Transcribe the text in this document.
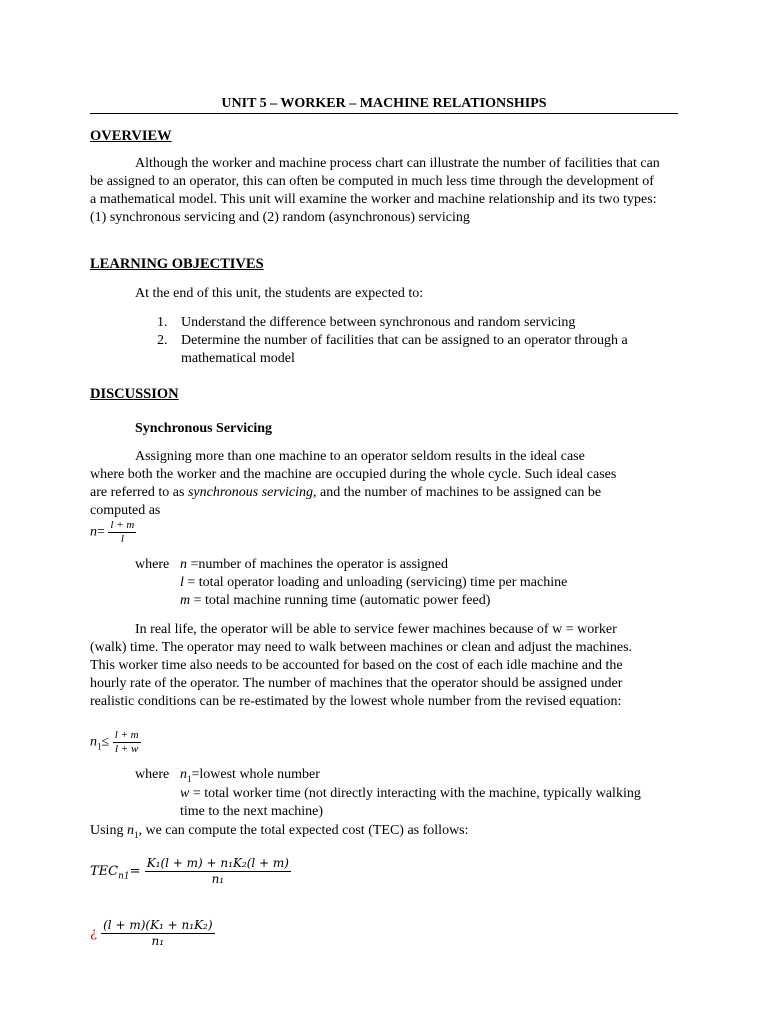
UNIT 5 – WORKER – MACHINE RELATIONSHIPS
OVERVIEW
Although the worker and machine process chart can illustrate the number of facilities that can
be assigned to an operator, this can often be computed in much less time through the development of
a mathematical model. This unit will examine the worker and machine relationship and its two types:
(1) synchronous servicing and (2) random (asynchronous) servicing
LEARNING OBJECTIVES
At the end of this unit, the students are expected to:
1. Understand the difference between synchronous and random servicing
2. Determine the number of facilities that can be assigned to an operator through a
mathematical model
DISCUSSION
Synchronous Servicing
Assigning more than one machine to an operator seldom results in the ideal case
where both the worker and the machine are occupied during the whole cycle. Such ideal cases
are referred to as synchronous servicing, and the number of machines to be assigned can be
computed as
$n= \frac{l + m}{l}$
where n =number of machines the operator is assigned
l = total operator loading and unloading (servicing) time per machine
m = total machine running time (automatic power feed)
In real life, the operator will be able to service fewer machines because of w = worker
(walk) time. The operator may need to walk between machines or clean and adjust the machines.
This worker time also needs to be accounted for based on the cost of each idle machine and the
hourly rate of the operator. The number of machines that the operator should be assigned under
realistic conditions can be re-estimated by the lowest whole number from the revised equation:
$n_1\le \frac{l + m}{l + w}$
where $n_1=lowest$ whole number
w = total worker time (not directly interacting with the machine, typically walking
time to the next machine)
Using $n_1$, we can compute the total expected cost (TEC) as follows:
$TEC_{n1}= \frac{\text{K₁(l + m) + n₁K₂(l + m)}}{\text{n₁}}$
¿ $\frac{\text{(l + m)(K₁ + n₁K₂)}}{\text{n₁}}$
